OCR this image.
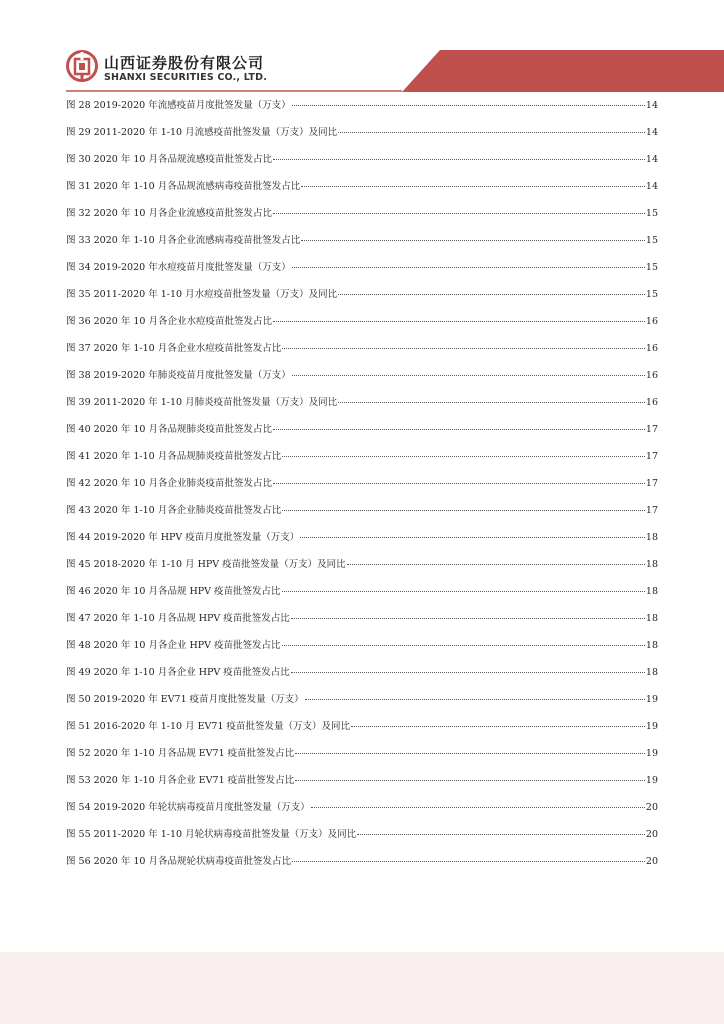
山西证券股份有限公司
SHANXI SECURITIES CO., LTD.
图 28 2019-2020 年流感疫苗月度批签发量（万支）	14
图 29 2011-2020 年 1-10 月流感疫苗批签发量（万支）及同比	14
图 30 2020 年 10 月各品规流感疫苗批签发占比	14
图 31 2020 年 1-10 月各品规流感病毒疫苗批签发占比	14
图 32 2020 年 10 月各企业流感疫苗批签发占比	15
图 33 2020 年 1-10 月各企业流感病毒疫苗批签发占比	15
图 34 2019-2020 年水痘疫苗月度批签发量（万支）	15
图 35 2011-2020 年 1-10 月水痘疫苗批签发量（万支）及同比	15
图 36 2020 年 10 月各企业水痘疫苗批签发占比	16
图 37 2020 年 1-10 月各企业水痘疫苗批签发占比	16
图 38 2019-2020 年肺炎疫苗月度批签发量（万支）	16
图 39 2011-2020 年 1-10 月肺炎疫苗批签发量（万支）及同比	16
图 40 2020 年 10 月各品规肺炎疫苗批签发占比	17
图 41 2020 年 1-10 月各品规肺炎疫苗批签发占比	17
图 42 2020 年 10 月各企业肺炎疫苗批签发占比	17
图 43 2020 年 1-10 月各企业肺炎疫苗批签发占比	17
图 44 2019-2020 年 HPV 疫苗月度批签发量（万支）	18
图 45 2018-2020 年 1-10 月 HPV 疫苗批签发量（万支）及同比	18
图 46 2020 年 10 月各品规 HPV 疫苗批签发占比	18
图 47 2020 年 1-10 月各品规 HPV 疫苗批签发占比	18
图 48 2020 年 10 月各企业 HPV 疫苗批签发占比	18
图 49 2020 年 1-10 月各企业 HPV 疫苗批签发占比	18
图 50 2019-2020 年 EV71 疫苗月度批签发量（万支）	19
图 51 2016-2020 年 1-10 月 EV71 疫苗批签发量（万支）及同比	19
图 52 2020 年 1-10 月各品规 EV71 疫苗批签发占比	19
图 53 2020 年 1-10 月各企业 EV71 疫苗批签发占比	19
图 54 2019-2020 年轮状病毒疫苗月度批签发量（万支）	20
图 55 2011-2020 年 1-10 月轮状病毒疫苗批签发量（万支）及同比	20
图 56 2020 年 10 月各品规轮状病毒疫苗批签发占比	20
